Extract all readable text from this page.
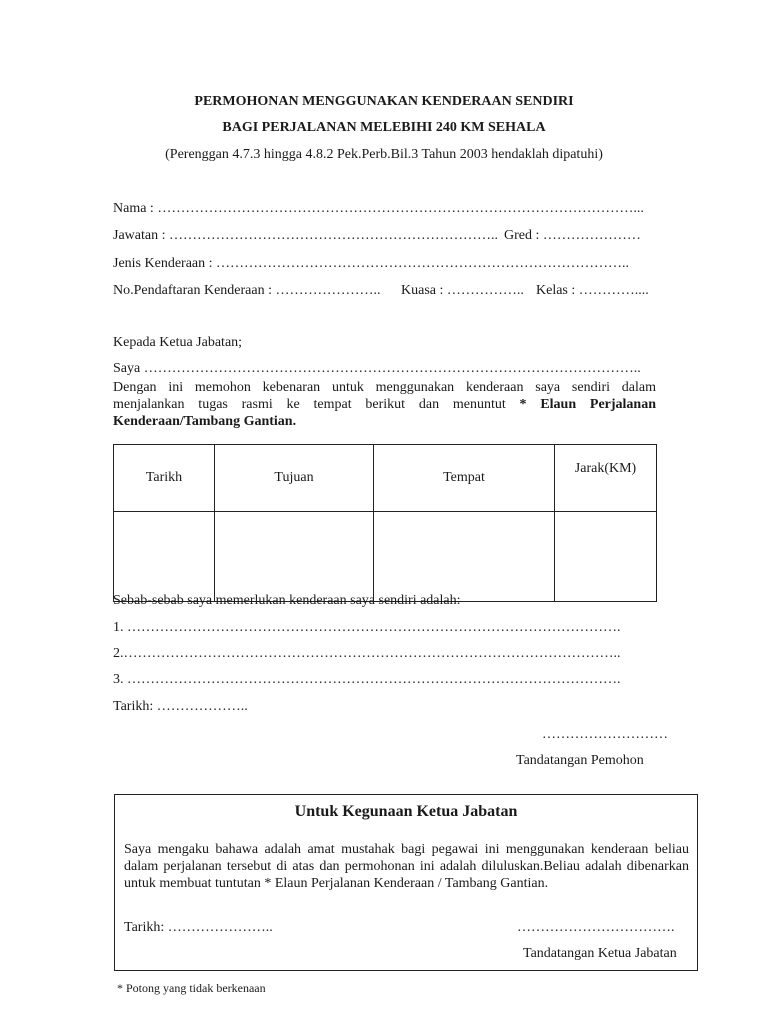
PERMOHONAN MENGGUNAKAN KENDERAAN SENDIRI
BAGI PERJALANAN MELEBIHI 240 KM SEHALA
(Perenggan 4.7.3 hingga 4.8.2 Pek.Perb.Bil.3 Tahun 2003 hendaklah dipatuhi)
Nama : …………………………………………………………………………………………...
Jawatan : …………………………………………………………….. Gred : …………………
Jenis Kenderaan : ……………………………………………………………………………..
No.Pendaftaran Kenderaan : ………………….. Kuasa : …………….. Kelas : …………....
Kepada Ketua Jabatan;
Saya ……………………………………………………………………………………………..
Dengan ini memohon kebenaran untuk menggunakan kenderaan saya sendiri dalam menjalankan tugas rasmi ke tempat berikut dan menuntut * Elaun Perjalanan Kenderaan/Tambang Gantian.
Tarikh	Tujuan	Tempat	Jarak(KM)

Sebab-sebab saya memerlukan kenderaan saya sendiri adalah:
1. …………………………………………………………………………………………….
2.……………………………………………………………………………………………..
3. …………………………………………………………………………………………….
Tarikh: ………………..
………………………
Tandatangan Pemohon
Untuk Kegunaan Ketua Jabatan
Saya mengaku bahawa adalah amat mustahak bagi pegawai ini menggunakan kenderaan beliau dalam perjalanan tersebut di atas dan permohonan ini adalah diluluskan.Beliau adalah dibenarkan untuk membuat tuntutan * Elaun Perjalanan Kenderaan / Tambang Gantian.
Tarikh: …………………..	…………………………….
Tandatangan Ketua Jabatan
* Potong yang tidak berkenaan
